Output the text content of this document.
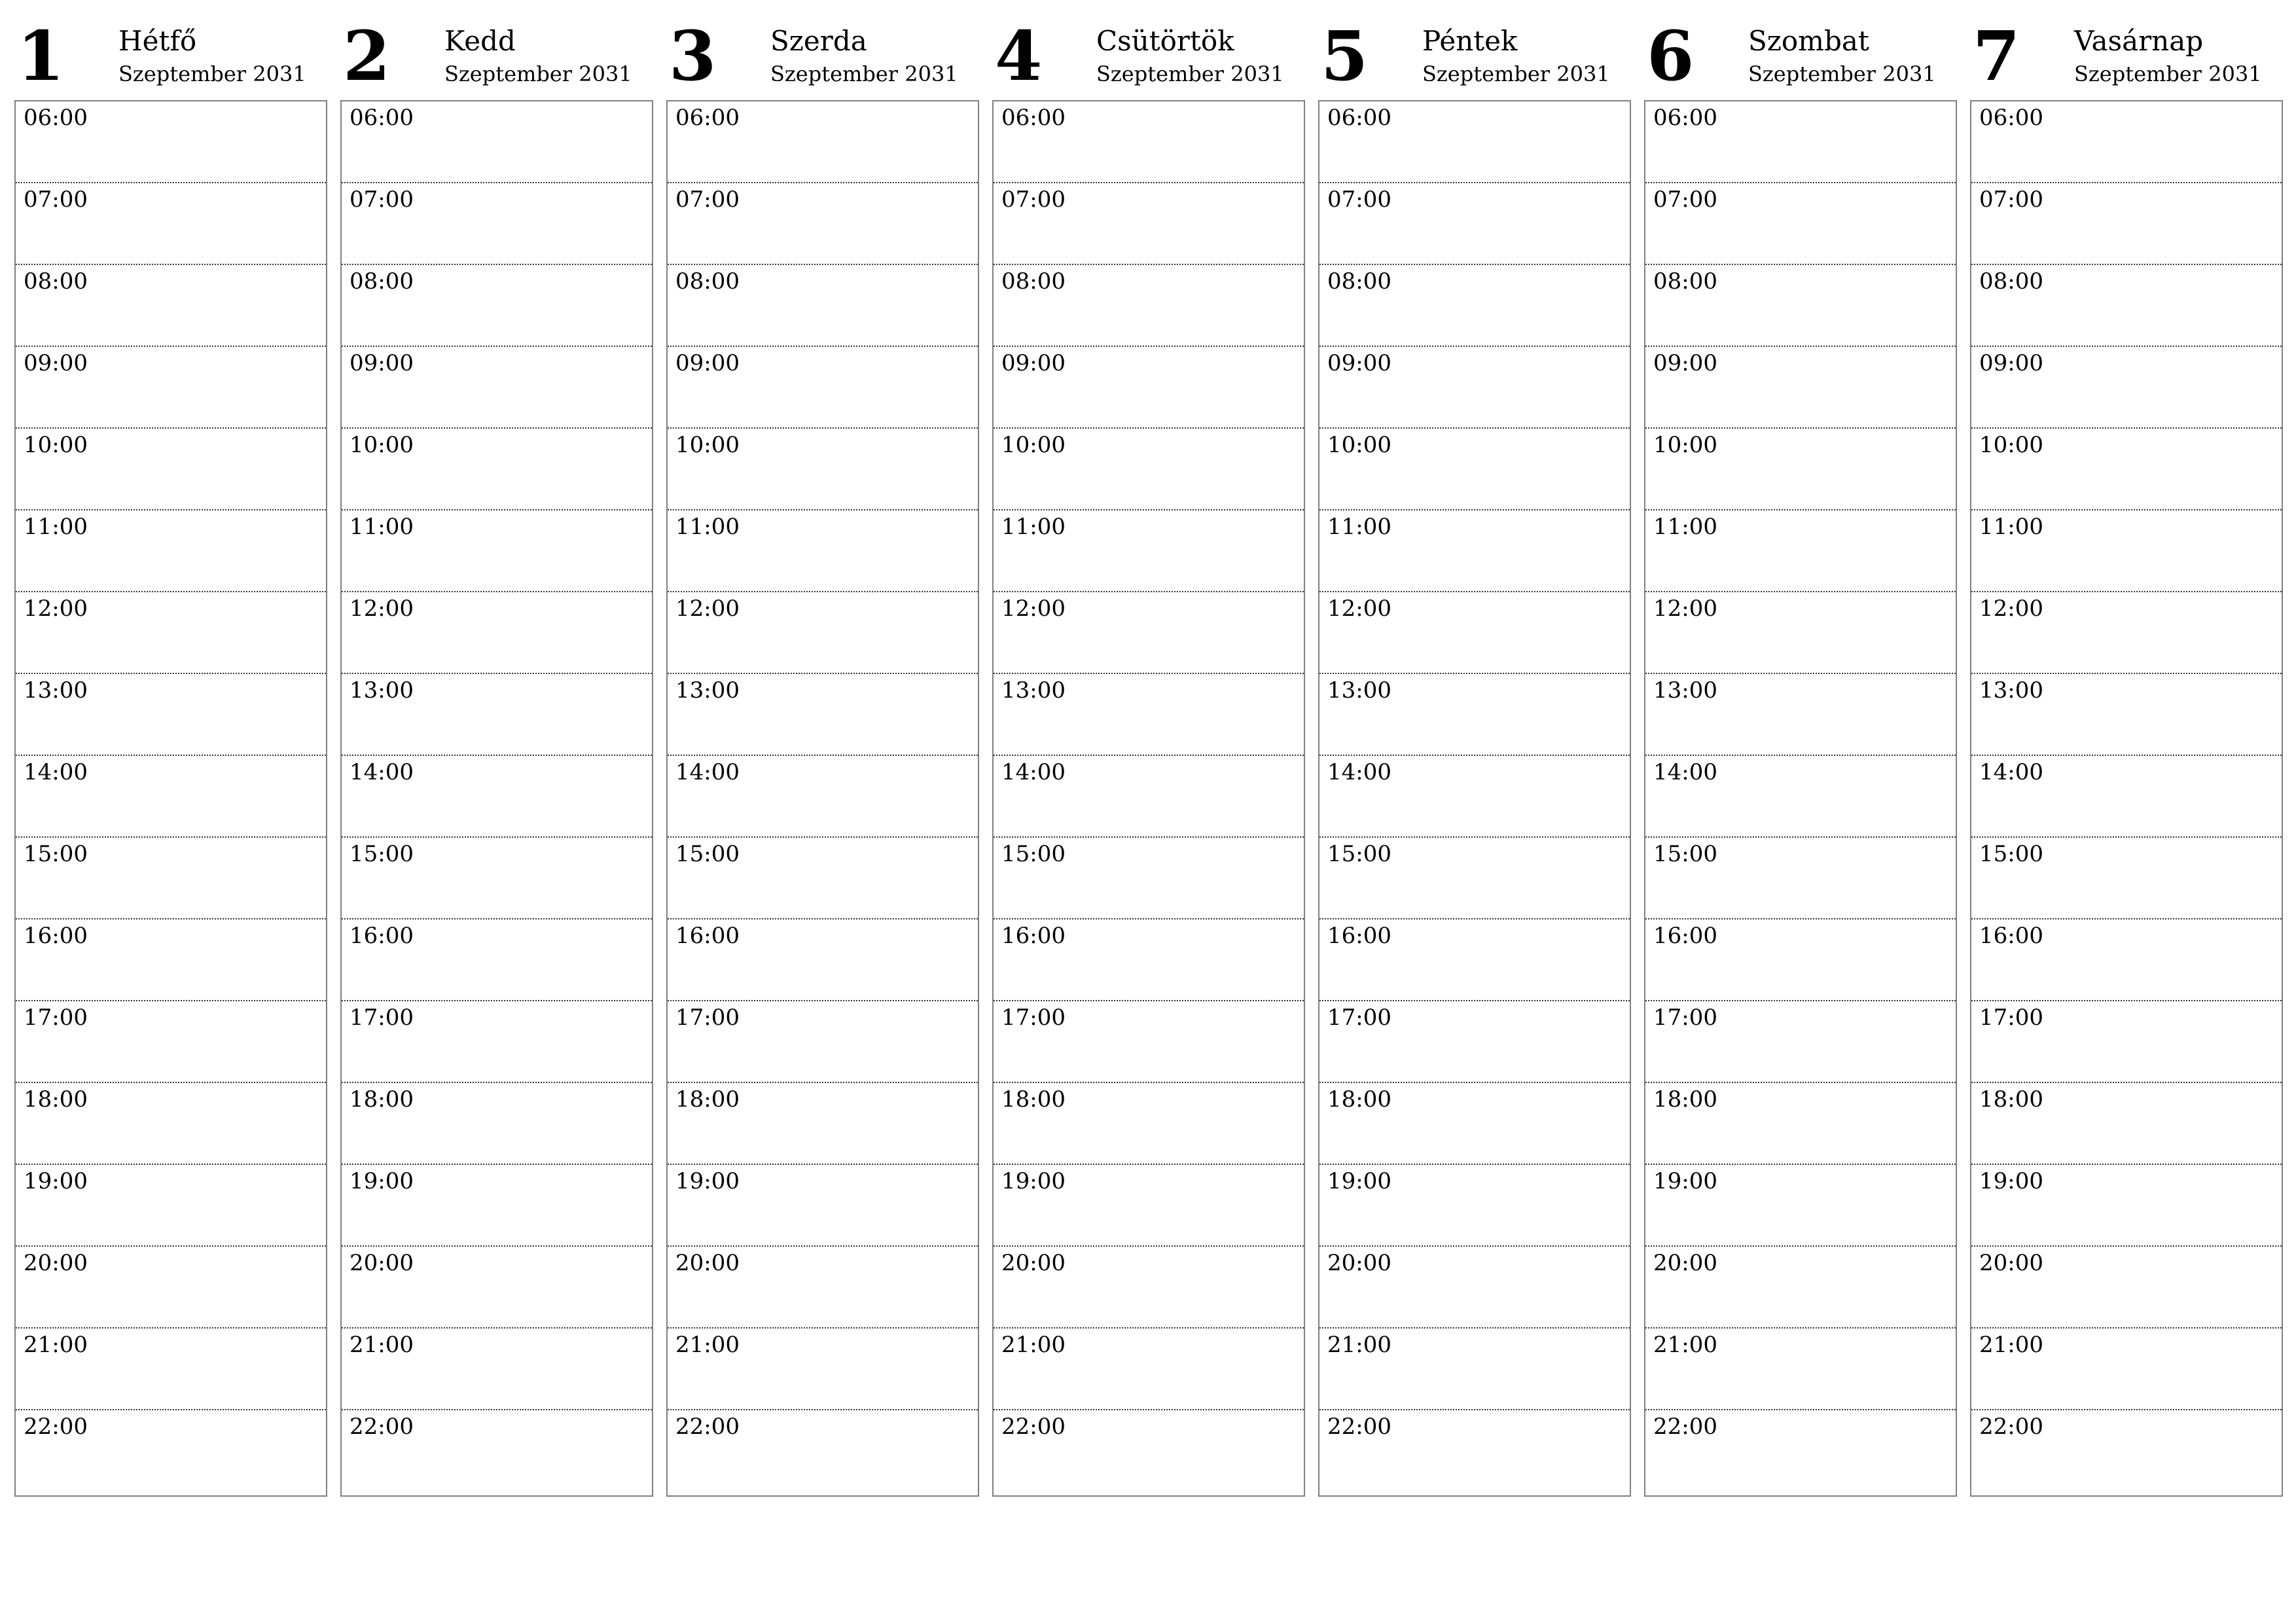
1 Hétfő
Szeptember 2031
06:00
07:00
08:00
09:00
10:00
11:00
12:00
13:00
14:00
15:00
16:00
17:00
18:00
19:00
20:00
21:00
22:00
2 Kedd
Szeptember 2031
06:00
07:00
08:00
09:00
10:00
11:00
12:00
13:00
14:00
15:00
16:00
17:00
18:00
19:00
20:00
21:00
22:00
3 Szerda
Szeptember 2031
06:00
07:00
08:00
09:00
10:00
11:00
12:00
13:00
14:00
15:00
16:00
17:00
18:00
19:00
20:00
21:00
22:00
4 Csütörtök
Szeptember 2031
06:00
07:00
08:00
09:00
10:00
11:00
12:00
13:00
14:00
15:00
16:00
17:00
18:00
19:00
20:00
21:00
22:00
5 Péntek
Szeptember 2031
06:00
07:00
08:00
09:00
10:00
11:00
12:00
13:00
14:00
15:00
16:00
17:00
18:00
19:00
20:00
21:00
22:00
6 Szombat
Szeptember 2031
06:00
07:00
08:00
09:00
10:00
11:00
12:00
13:00
14:00
15:00
16:00
17:00
18:00
19:00
20:00
21:00
22:00
7 Vasárnap
Szeptember 2031
06:00
07:00
08:00
09:00
10:00
11:00
12:00
13:00
14:00
15:00
16:00
17:00
18:00
19:00
20:00
21:00
22:00
